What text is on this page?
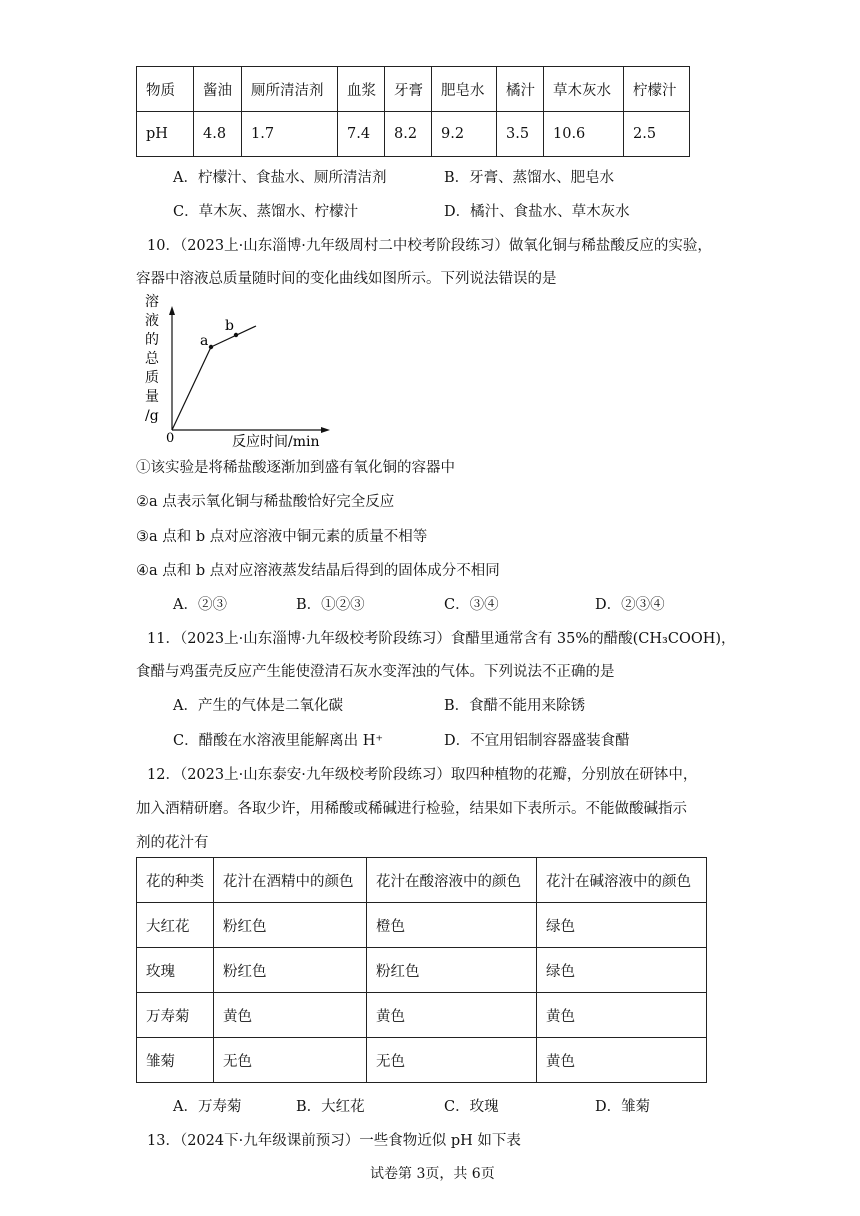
物质	酱油	厕所清洁剂	血浆	牙膏	肥皂水	橘汁	草木灰水	柠檬汁
pH	4.8	1.7	7.4	8.2	9.2	3.5	10.6	2.5
A．柠檬汁、食盐水、厕所清洁剂	B．牙膏、蒸馏水、肥皂水
C．草木灰、蒸馏水、柠檬汁	D．橘汁、食盐水、草木灰水
10．（2023上·山东淄博·九年级周村二中校考阶段练习）做氧化铜与稀盐酸反应的实验，
容器中溶液总质量随时间的变化曲线如图所示。下列说法错误的是
溶
液
的
总
质
量
/g
a
b
0	反应时间/min
①该实验是将稀盐酸逐渐加到盛有氧化铜的容器中
②a 点表示氧化铜与稀盐酸恰好完全反应
③a 点和 b 点对应溶液中铜元素的质量不相等
④a 点和 b 点对应溶液蒸发结晶后得到的固体成分不相同
A．②③	B．①②③	C．③④	D．②③④
11．（2023上·山东淄博·九年级校考阶段练习）食醋里通常含有 35%的醋酸(CH₃COOH)，
食醋与鸡蛋壳反应产生能使澄清石灰水变浑浊的气体。下列说法不正确的是
A．产生的气体是二氧化碳	B．食醋不能用来除锈
C．醋酸在水溶液里能解离出 H⁺	D．不宜用铝制容器盛装食醋
12．（2023上·山东泰安·九年级校考阶段练习）取四种植物的花瓣，分别放在研钵中，
加入酒精研磨。各取少许，用稀酸或稀碱进行检验，结果如下表所示。不能做酸碱指示
剂的花汁有
花的种类	花汁在酒精中的颜色	花汁在酸溶液中的颜色	花汁在碱溶液中的颜色
大红花	粉红色	橙色	绿色
玫瑰	粉红色	粉红色	绿色
万寿菊	黄色	黄色	黄色
雏菊	无色	无色	黄色
A．万寿菊	B．大红花	C．玫瑰	D．雏菊
13．（2024下·九年级课前预习）一些食物近似 pH 如下表
试卷第 3页，共 6页
